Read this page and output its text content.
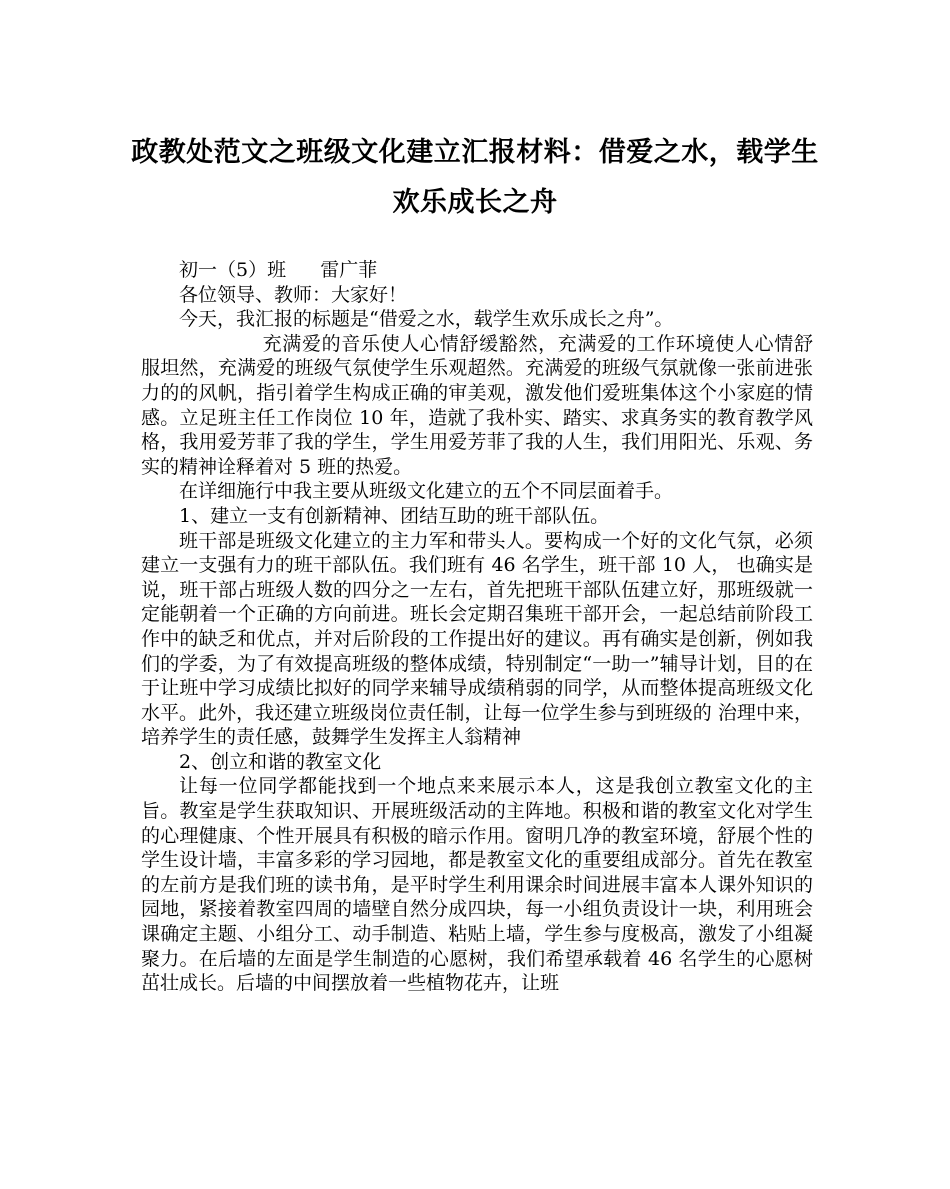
政教处范文之班级文化建立汇报材料：借爱之水，载学生欢乐成长之舟

初一（5）班 雷广菲

各位领导、教师：大家好！

今天，我汇报的标题是“借爱之水，载学生欢乐成长之舟”。

充满爱的音乐使人心情舒缓豁然，充满爱的工作环境使人心情舒服坦然，充满爱的班级气氛使学生乐观超然。充满爱的班级气氛就像一张前进张力的的风帆，指引着学生构成正确的审美观，激发他们爱班集体这个小家庭的情感。立足班主任工作岗位 10 年，造就了我朴实、踏实、求真务实的教育教学风格，我用爱芳菲了我的学生，学生用爱芳菲了我的人生，我们用阳光、乐观、务实的精神诠释着对 5 班的热爱。

在详细施行中我主要从班级文化建立的五个不同层面着手。

1、建立一支有创新精神、团结互助的班干部队伍。

班干部是班级文化建立的主力军和带头人。要构成一个好的文化气氛，必须建立一支强有力的班干部队伍。我们班有 46 名学生，班干部 10 人， 也确实是说，班干部占班级人数的四分之一左右，首先把班干部队伍建立好，那班级就一定能朝着一个正确的方向前进。班长会定期召集班干部开会，一起总结前阶段工作中的缺乏和优点，并对后阶段的工作提出好的建议。再有确实是创新，例如我们的学委，为了有效提高班级的整体成绩，特别制定“一助一”辅导计划，目的在于让班中学习成绩比拟好的同学来辅导成绩稍弱的同学，从而整体提高班级文化水平。此外，我还建立班级岗位责任制，让每一位学生参与到班级的 治理中来，培养学生的责任感，鼓舞学生发挥主人翁精神

2、创立和谐的教室文化

让每一位同学都能找到一个地点来来展示本人，这是我创立教室文化的主旨。教室是学生获取知识、开展班级活动的主阵地。积极和谐的教室文化对学生的心理健康、个性开展具有积极的暗示作用。窗明几净的教室环境，舒展个性的学生设计墙，丰富多彩的学习园地，都是教室文化的重要组成部分。首先在教室的左前方是我们班的读书角，是平时学生利用课余时间进展丰富本人课外知识的园地，紧接着教室四周的墙壁自然分成四块，每一小组负责设计一块，利用班会课确定主题、小组分工、动手制造、粘贴上墙，学生参与度极高，激发了小组凝聚力。在后墙的左面是学生制造的心愿树，我们希望承载着 46 名学生的心愿树茁壮成长。后墙的中间摆放着一些植物花卉，让班
